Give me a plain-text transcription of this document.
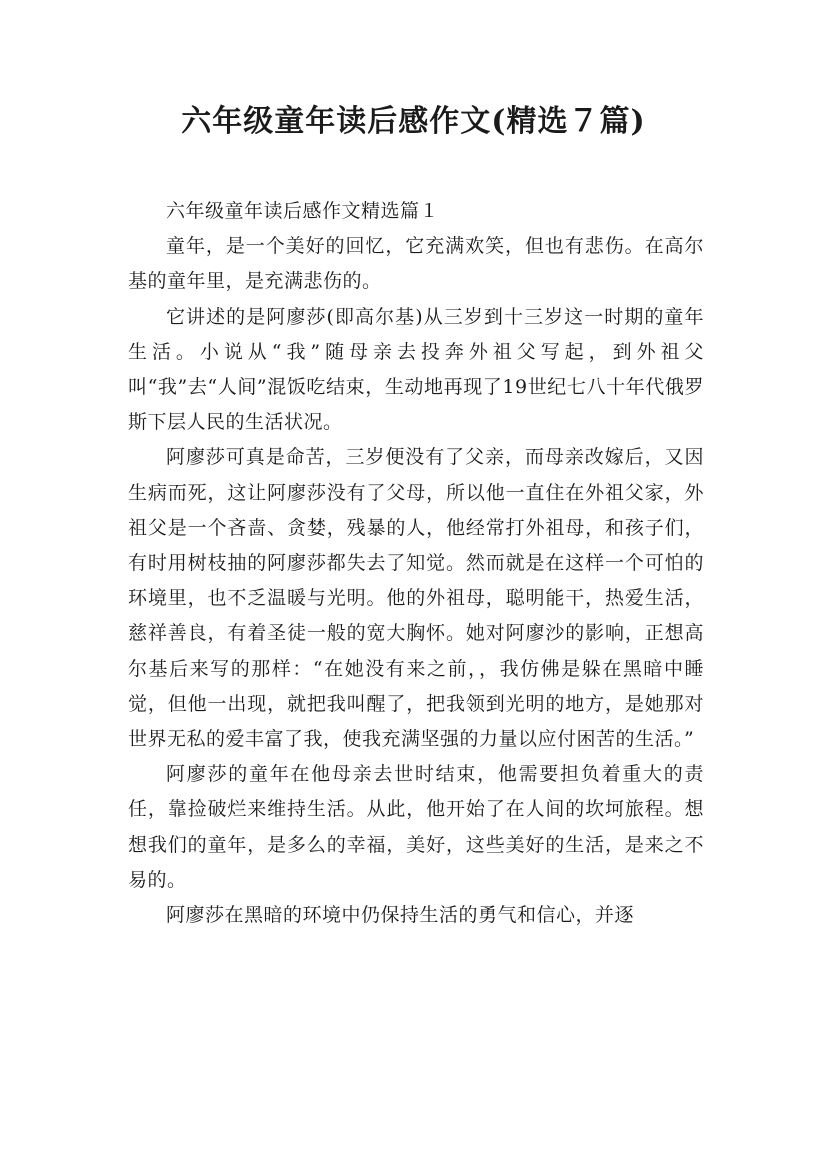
六年级童年读后感作文(精选７篇)

六年级童年读后感作文精选篇１

童年，是一个美好的回忆，它充满欢笑，但也有悲伤。在高尔基的童年里，是充满悲伤的。

它讲述的是阿廖莎(即高尔基)从三岁到十三岁这一时期的童年生活。小说从“我”随母亲去投奔外祖父写起，到外祖父叫“我”去“人间”混饭吃结束，生动地再现了19世纪七八十年代俄罗斯下层人民的生活状况。

阿廖莎可真是命苦，三岁便没有了父亲，而母亲改嫁后，又因生病而死，这让阿廖莎没有了父母，所以他一直住在外祖父家，外祖父是一个吝啬、贪婪，残暴的人，他经常打外祖母，和孩子们，有时用树枝抽的阿廖莎都失去了知觉。然而就是在这样一个可怕的环境里，也不乏温暖与光明。他的外祖母，聪明能干，热爱生活，慈祥善良，有着圣徒一般的宽大胸怀。她对阿廖沙的影响，正想高尔基后来写的那样：“在她没有来之前，，我仿佛是躲在黑暗中睡觉，但他一出现，就把我叫醒了，把我领到光明的地方，是她那对世界无私的爱丰富了我，使我充满坚强的力量以应付困苦的生活。”

阿廖莎的童年在他母亲去世时结束，他需要担负着重大的责任，靠捡破烂来维持生活。从此，他开始了在人间的坎坷旅程。想想我们的童年，是多么的幸福，美好，这些美好的生活，是来之不易的。

阿廖莎在黑暗的环境中仍保持生活的勇气和信心，并逐
